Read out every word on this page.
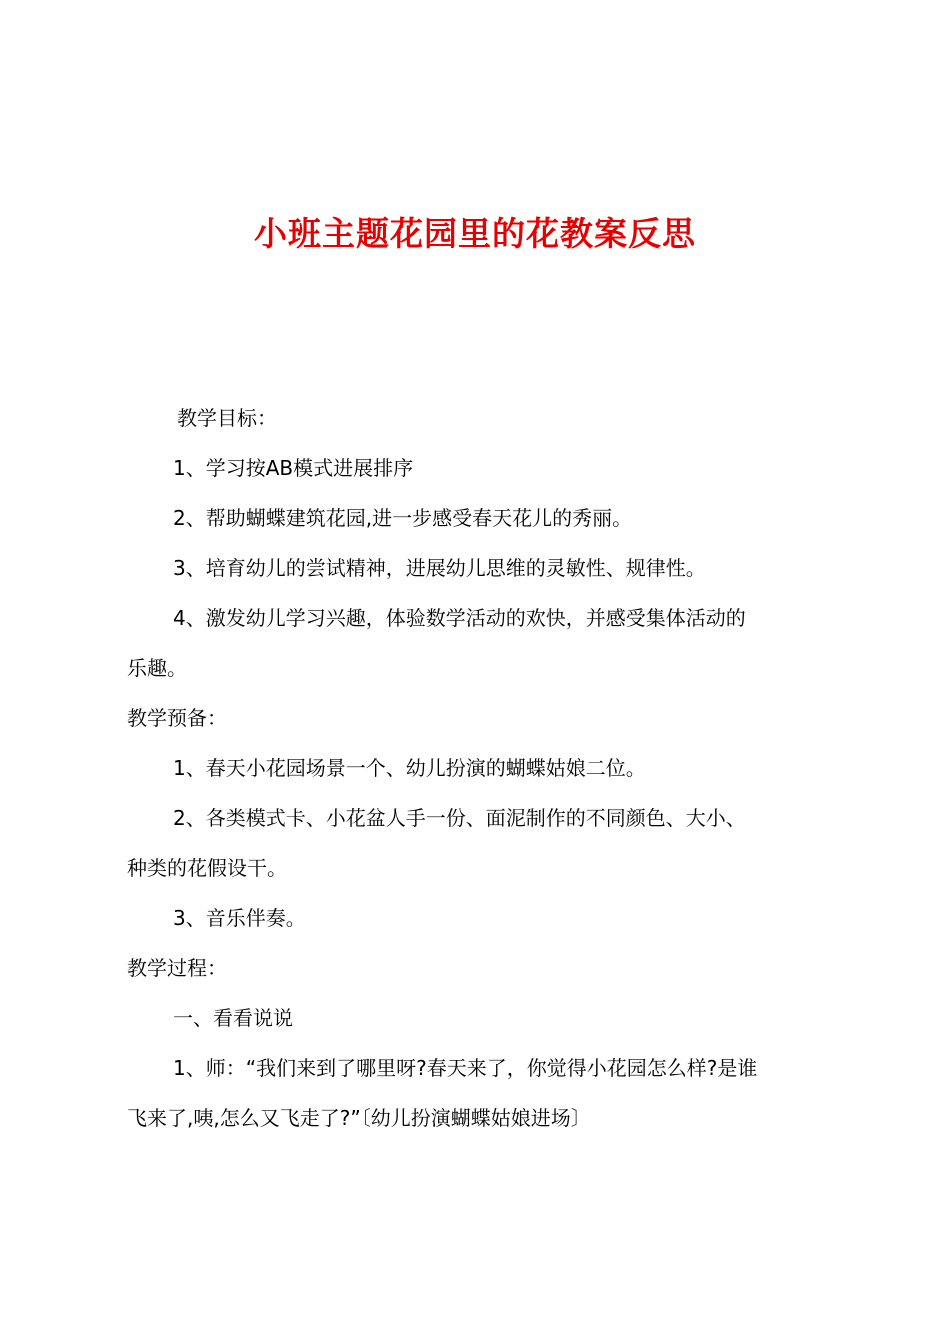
小班主题花园里的花教案反思
教学目标：
1、学习按AB模式进展排序
2、帮助蝴蝶建筑花园,进一步感受春天花儿的秀丽。
3、培育幼儿的尝试精神，进展幼儿思维的灵敏性、规律性。
4、激发幼儿学习兴趣，体验数学活动的欢快，并感受集体活动的
乐趣。
教学预备：
1、春天小花园场景一个、幼儿扮演的蝴蝶姑娘二位。
2、各类模式卡、小花盆人手一份、面泥制作的不同颜色、大小、
种类的花假设干。
3、音乐伴奏。
教学过程：
一、看看说说
1、师：“我们来到了哪里呀?春天来了，你觉得小花园怎么样?是谁
飞来了,咦,怎么又飞走了?”〔幼儿扮演蝴蝶姑娘进场〕
